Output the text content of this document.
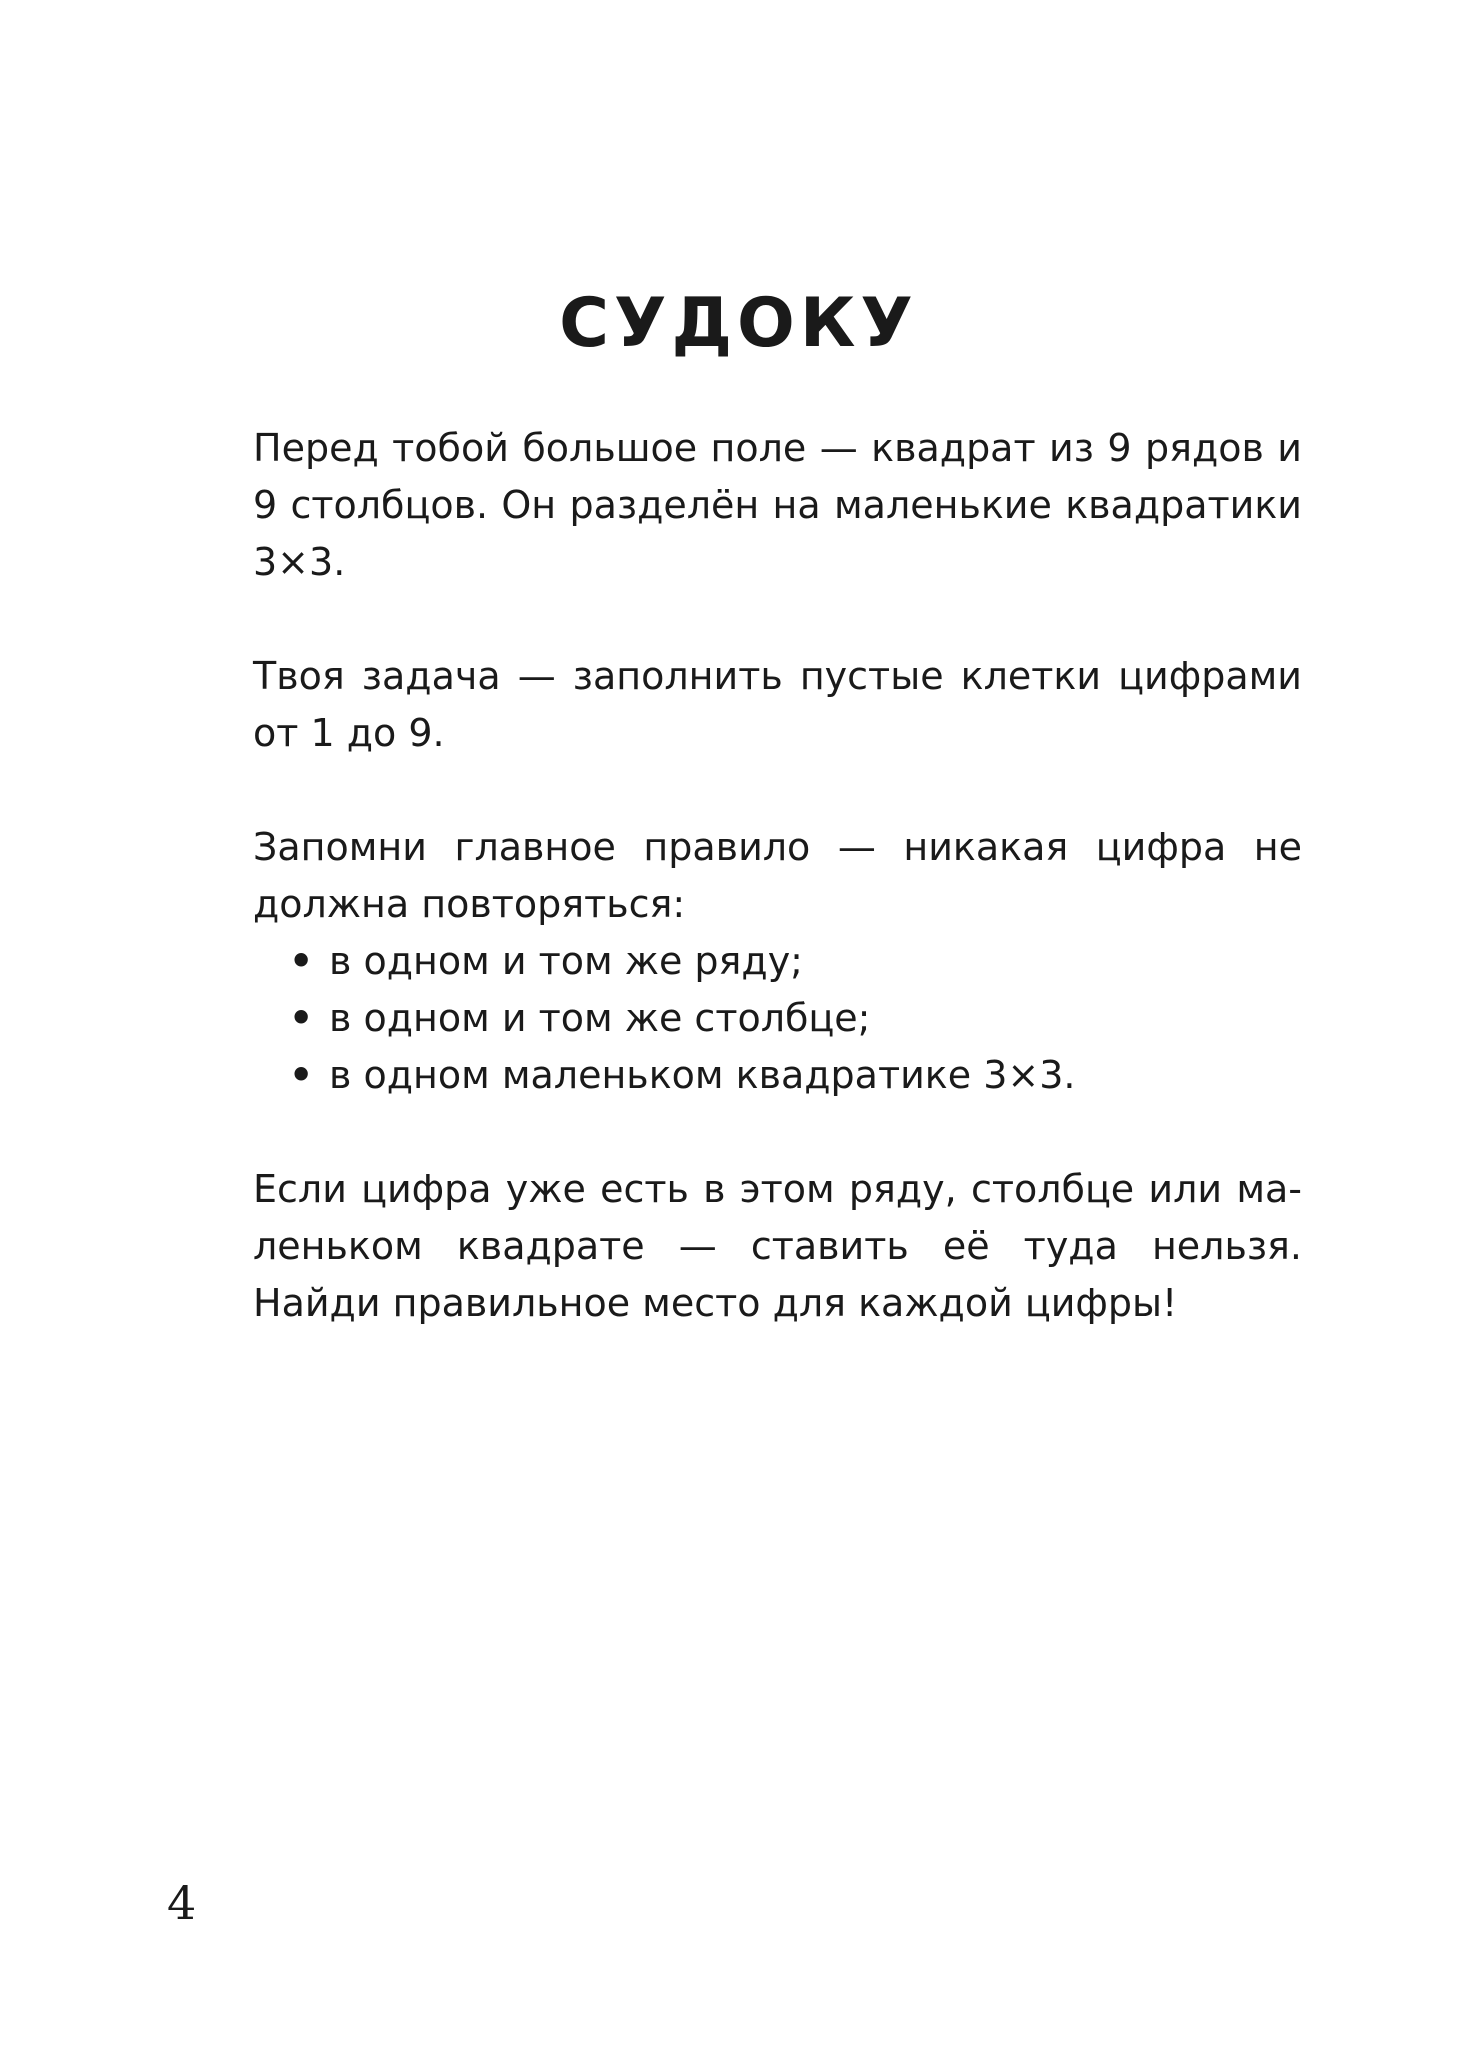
СУДОКУ

Перед тобой большое поле — квадрат из 9 рядов и 9 столбцов. Он разделён на маленькие квадратики 3×3.

Твоя задача — заполнить пустые клетки цифрами от 1 до 9.

Запомни главное правило — никакая цифра не должна повторяться:

• в одном и том же ряду;
• в одном и том же столбце;
• в одном маленьком квадратике 3×3.

Если цифра уже есть в этом ряду, столбце или маленьком квадрате — ставить её туда нельзя. Найди правильное место для каждой цифры!

4
